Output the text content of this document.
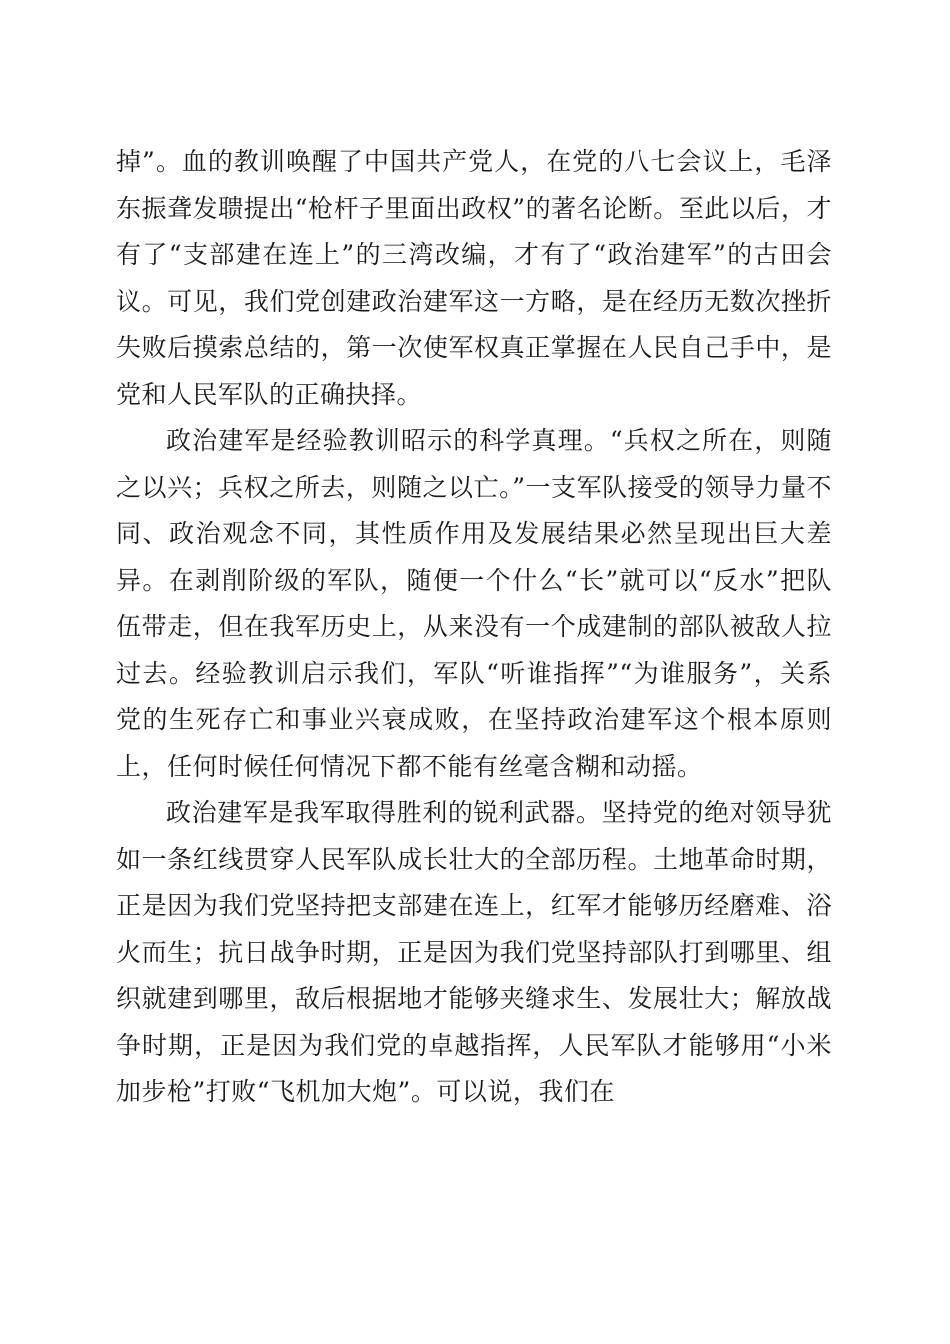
掉”。血的教训唤醒了中国共产党人，在党的八七会议上，毛泽东振聋发聩提出“枪杆子里面出政权”的著名论断。至此以后，才有了“支部建在连上”的三湾改编，才有了“政治建军”的古田会议。可见，我们党创建政治建军这一方略，是在经历无数次挫折失败后摸索总结的，第一次使军权真正掌握在人民自己手中，是党和人民军队的正确抉择。

政治建军是经验教训昭示的科学真理。“兵权之所在，则随之以兴；兵权之所去，则随之以亡。”一支军队接受的领导力量不同、政治观念不同，其性质作用及发展结果必然呈现出巨大差异。在剥削阶级的军队，随便一个什么“长”就可以“反水”把队伍带走，但在我军历史上，从来没有一个成建制的部队被敌人拉过去。经验教训启示我们，军队“听谁指挥”“为谁服务”，关系党的生死存亡和事业兴衰成败，在坚持政治建军这个根本原则上，任何时候任何情况下都不能有丝毫含糊和动摇。

政治建军是我军取得胜利的锐利武器。坚持党的绝对领导犹如一条红线贯穿人民军队成长壮大的全部历程。土地革命时期，正是因为我们党坚持把支部建在连上，红军才能够历经磨难、浴火而生；抗日战争时期，正是因为我们党坚持部队打到哪里、组织就建到哪里，敌后根据地才能够夹缝求生、发展壮大；解放战争时期，正是因为我们党的卓越指挥，人民军队才能够用“小米加步枪”打败“飞机加大炮”。可以说，我们在
